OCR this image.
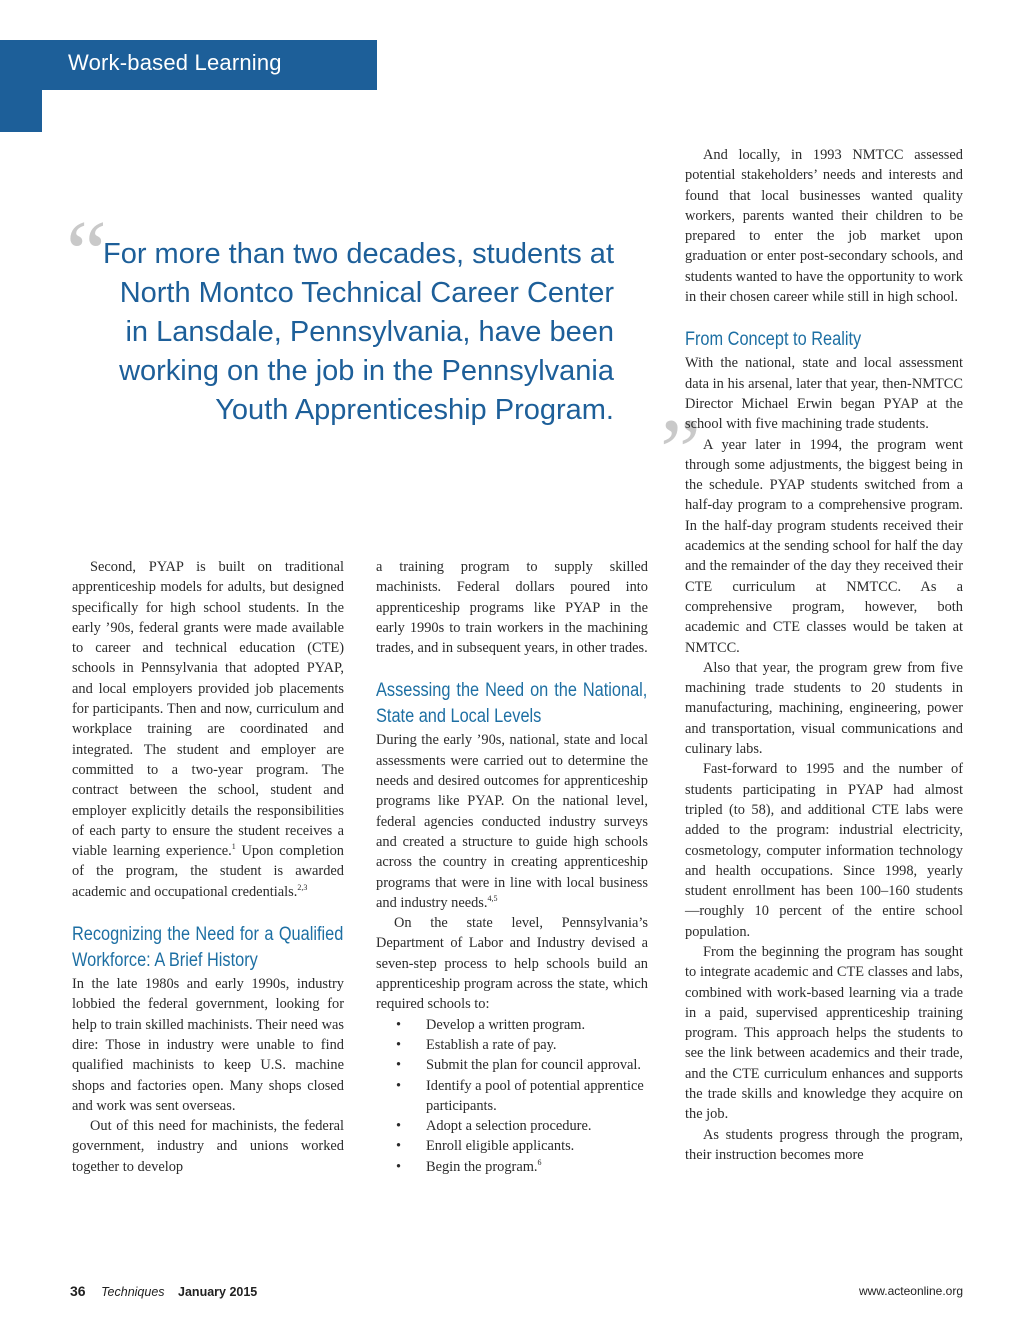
Work-based Learning
“

For more than two decades, students at
North Montco Technical Career Center
in Lansdale, Pennsylvania, have been
working on the job in the Pennsylvania
Youth Apprenticeship Program. ”

Second, PYAP is built on traditional apprenticeship models for adults, but designed specifically for high school students. In the early ’90s, federal grants were made available to career and technical education (CTE) schools in Pennsylvania that adopted PYAP, and local employers provided job placements for participants. Then and now, curriculum and workplace training are coordinated and integrated. The student and employer are committed to a two-year program. The contract between the school, student and employer explicitly details the responsibilities of each party to ensure the student receives a viable learning experience.$^1$ Upon completion of the program, the student is awarded academic and occupational credentials.$^{2,3}$

Recognizing the Need for a Qualified Workforce: A Brief History

In the late 1980s and early 1990s, industry lobbied the federal government, looking for help to train skilled machinists. Their need was dire: Those in industry were unable to find qualified machinists to keep U.S. machine shops and factories open. Many shops closed and work was sent overseas.

Out of this need for machinists, the federal government, industry and unions worked together to develop

a training program to supply skilled machinists. Federal dollars poured into apprenticeship programs like PYAP in the early 1990s to train workers in the machining trades, and in subsequent years, in other trades.

Assessing the Need on the National, State and Local Levels

During the early ’90s, national, state and local assessments were carried out to determine the needs and desired outcomes for apprenticeship programs like PYAP. On the national level, federal agencies conducted industry surveys and created a structure to guide high schools across the country in creating apprenticeship programs that were in line with local business and industry needs.$^{4,5}$

On the state level, Pennsylvania’s Department of Labor and Industry devised a seven-step process to help schools build an apprenticeship program across the state, which required schools to:

• Develop a written program.
• Establish a rate of pay.
• Submit the plan for council approval.
• Identify a pool of potential apprentice participants.
• Adopt a selection procedure.
• Enroll eligible applicants.
• Begin the program.$^6$

And locally, in 1993 NMTCC assessed potential stakeholders’ needs and interests and found that local businesses wanted quality workers, parents wanted their children to be prepared to enter the job market upon graduation or enter post-secondary schools, and students wanted to have the opportunity to work in their chosen career while still in high school.

From Concept to Reality

With the national, state and local assessment data in his arsenal, later that year, then-NMTCC Director Michael Erwin began PYAP at the school with five machining trade students.

A year later in 1994, the program went through some adjustments, the biggest being in the schedule. PYAP students switched from a half-day program to a comprehensive program. In the half-day program students received their academics at the sending school for half the day and the remainder of the day they received their CTE curriculum at NMTCC. As a comprehensive program, however, both academic and CTE classes would be taken at NMTCC.

Also that year, the program grew from five machining trade students to 20 students in manufacturing, machining, engineering, power and transportation, visual communications and culinary labs.

Fast-forward to 1995 and the number of students participating in PYAP had almost tripled (to 58), and additional CTE labs were added to the program: industrial electricity, cosmetology, computer information technology and health occupations. Since 1998, yearly student enrollment has been 100–160 students—roughly 10 percent of the entire school population.

From the beginning the program has sought to integrate academic and CTE classes and labs, combined with work-based learning via a trade in a paid, supervised apprenticeship training program. This approach helps the students to see the link between academics and their trade, and the CTE curriculum enhances and supports the trade skills and knowledge they acquire on the job.

As students progress through the program, their instruction becomes more

36 Techniques January 2015	www.acteonline.org
